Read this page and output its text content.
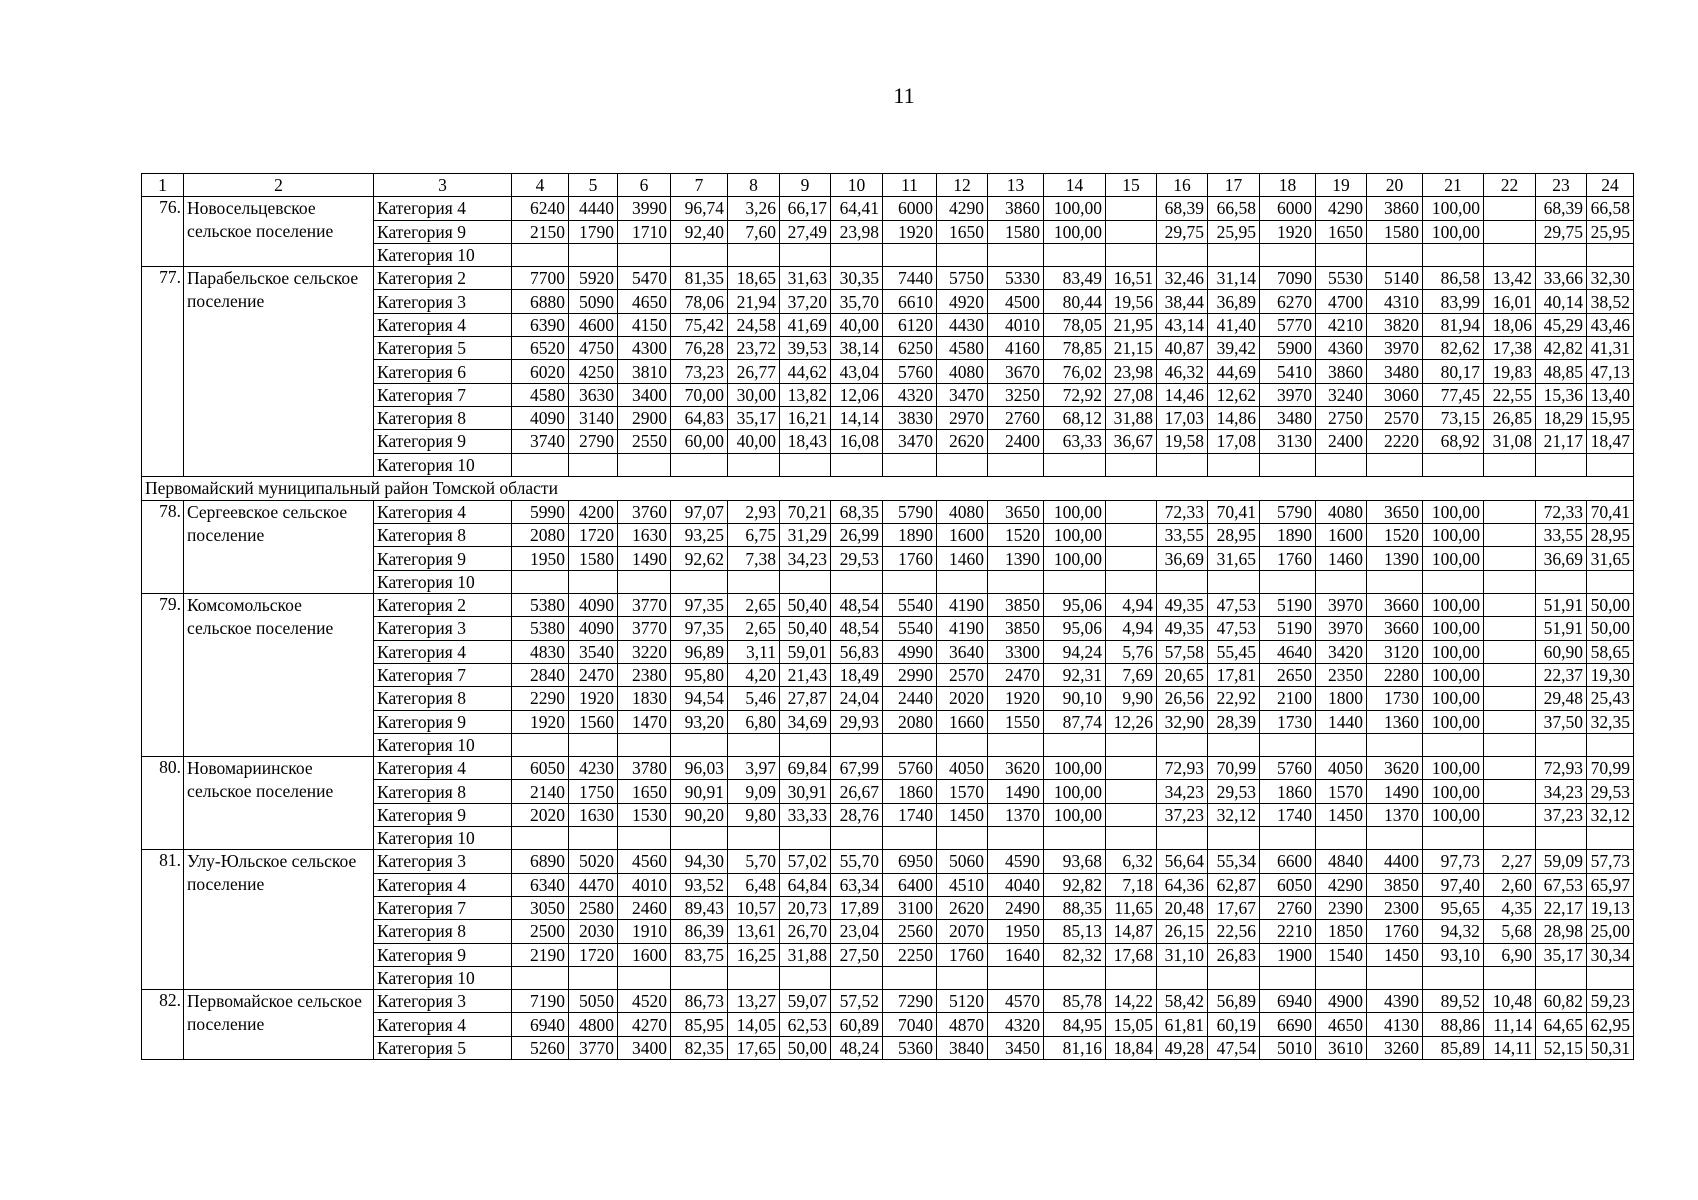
11
1	2	3	4	5	6	7	8	9	10	11	12	13	14	15	16	17	18	19	20	21	22	23	24
76.	Новосельцевское сельское поселение	Категория 4	6240	4440	3990	96,74	3,26	66,17	64,41	6000	4290	3860	100,00		68,39	66,58	6000	4290	3860	100,00		68,39	66,58
		Категория 9	2150	1790	1710	92,40	7,60	27,49	23,98	1920	1650	1580	100,00		29,75	25,95	1920	1650	1580	100,00		29,75	25,95
		Категория 10																					
77.	Парабельское сельское поселение	Категория 2	7700	5920	5470	81,35	18,65	31,63	30,35	7440	5750	5330	83,49	16,51	32,46	31,14	7090	5530	5140	86,58	13,42	33,66	32,30
		Категория 3	6880	5090	4650	78,06	21,94	37,20	35,70	6610	4920	4500	80,44	19,56	38,44	36,89	6270	4700	4310	83,99	16,01	40,14	38,52
		Категория 4	6390	4600	4150	75,42	24,58	41,69	40,00	6120	4430	4010	78,05	21,95	43,14	41,40	5770	4210	3820	81,94	18,06	45,29	43,46
		Категория 5	6520	4750	4300	76,28	23,72	39,53	38,14	6250	4580	4160	78,85	21,15	40,87	39,42	5900	4360	3970	82,62	17,38	42,82	41,31
		Категория 6	6020	4250	3810	73,23	26,77	44,62	43,04	5760	4080	3670	76,02	23,98	46,32	44,69	5410	3860	3480	80,17	19,83	48,85	47,13
		Категория 7	4580	3630	3400	70,00	30,00	13,82	12,06	4320	3470	3250	72,92	27,08	14,46	12,62	3970	3240	3060	77,45	22,55	15,36	13,40
		Категория 8	4090	3140	2900	64,83	35,17	16,21	14,14	3830	2970	2760	68,12	31,88	17,03	14,86	3480	2750	2570	73,15	26,85	18,29	15,95
		Категория 9	3740	2790	2550	60,00	40,00	18,43	16,08	3470	2620	2400	63,33	36,67	19,58	17,08	3130	2400	2220	68,92	31,08	21,17	18,47
		Категория 10																					
Первомайский муниципальный район Томской области																							
78.	Сергеевское сельское поселение	Категория 4	5990	4200	3760	97,07	2,93	70,21	68,35	5790	4080	3650	100,00		72,33	70,41	5790	4080	3650	100,00		72,33	70,41
		Категория 8	2080	1720	1630	93,25	6,75	31,29	26,99	1890	1600	1520	100,00		33,55	28,95	1890	1600	1520	100,00		33,55	28,95
		Категория 9	1950	1580	1490	92,62	7,38	34,23	29,53	1760	1460	1390	100,00		36,69	31,65	1760	1460	1390	100,00		36,69	31,65
		Категория 10																					
79.	Комсомольское сельское поселение	Категория 2	5380	4090	3770	97,35	2,65	50,40	48,54	5540	4190	3850	95,06	4,94	49,35	47,53	5190	3970	3660	100,00		51,91	50,00
		Категория 3	5380	4090	3770	97,35	2,65	50,40	48,54	5540	4190	3850	95,06	4,94	49,35	47,53	5190	3970	3660	100,00		51,91	50,00
		Категория 4	4830	3540	3220	96,89	3,11	59,01	56,83	4990	3640	3300	94,24	5,76	57,58	55,45	4640	3420	3120	100,00		60,90	58,65
		Категория 7	2840	2470	2380	95,80	4,20	21,43	18,49	2990	2570	2470	92,31	7,69	20,65	17,81	2650	2350	2280	100,00		22,37	19,30
		Категория 8	2290	1920	1830	94,54	5,46	27,87	24,04	2440	2020	1920	90,10	9,90	26,56	22,92	2100	1800	1730	100,00		29,48	25,43
		Категория 9	1920	1560	1470	93,20	6,80	34,69	29,93	2080	1660	1550	87,74	12,26	32,90	28,39	1730	1440	1360	100,00		37,50	32,35
		Категория 10																					
80.	Новомариинское сельское поселение	Категория 4	6050	4230	3780	96,03	3,97	69,84	67,99	5760	4050	3620	100,00		72,93	70,99	5760	4050	3620	100,00		72,93	70,99
		Категория 8	2140	1750	1650	90,91	9,09	30,91	26,67	1860	1570	1490	100,00		34,23	29,53	1860	1570	1490	100,00		34,23	29,53
		Категория 9	2020	1630	1530	90,20	9,80	33,33	28,76	1740	1450	1370	100,00		37,23	32,12	1740	1450	1370	100,00		37,23	32,12
		Категория 10																					
81.	Улу-Юльское сельское поселение	Категория 3	6890	5020	4560	94,30	5,70	57,02	55,70	6950	5060	4590	93,68	6,32	56,64	55,34	6600	4840	4400	97,73	2,27	59,09	57,73
		Категория 4	6340	4470	4010	93,52	6,48	64,84	63,34	6400	4510	4040	92,82	7,18	64,36	62,87	6050	4290	3850	97,40	2,60	67,53	65,97
		Категория 7	3050	2580	2460	89,43	10,57	20,73	17,89	3100	2620	2490	88,35	11,65	20,48	17,67	2760	2390	2300	95,65	4,35	22,17	19,13
		Категория 8	2500	2030	1910	86,39	13,61	26,70	23,04	2560	2070	1950	85,13	14,87	26,15	22,56	2210	1850	1760	94,32	5,68	28,98	25,00
		Категория 9	2190	1720	1600	83,75	16,25	31,88	27,50	2250	1760	1640	82,32	17,68	31,10	26,83	1900	1540	1450	93,10	6,90	35,17	30,34
		Категория 10																					
82.	Первомайское сельское поселение	Категория 3	7190	5050	4520	86,73	13,27	59,07	57,52	7290	5120	4570	85,78	14,22	58,42	56,89	6940	4900	4390	89,52	10,48	60,82	59,23
		Категория 4	6940	4800	4270	85,95	14,05	62,53	60,89	7040	4870	4320	84,95	15,05	61,81	60,19	6690	4650	4130	88,86	11,14	64,65	62,95
		Категория 5	5260	3770	3400	82,35	17,65	50,00	48,24	5360	3840	3450	81,16	18,84	49,28	47,54	5010	3610	3260	85,89	14,11	52,15	50,31
